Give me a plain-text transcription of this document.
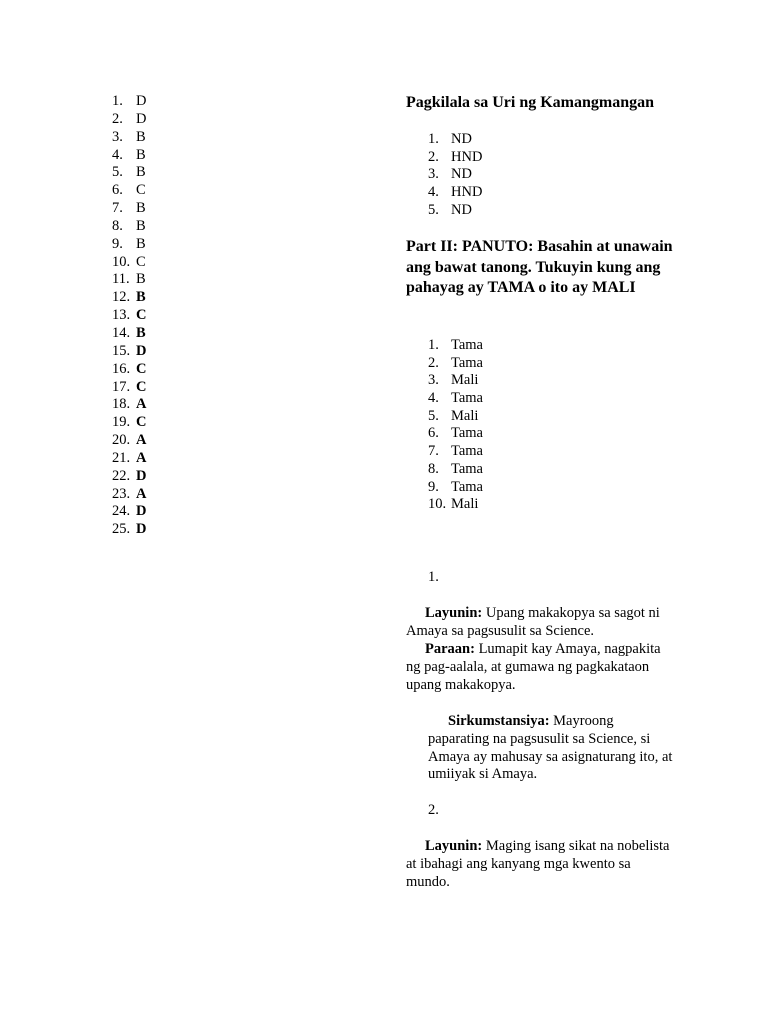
1. D
2. D
3. B
4. B
5. B
6. C
7. B
8. B
9. B
10. C
11. B
12. B
13. C
14. B
15. D
16. C
17. C
18. A
19. C
20. A
21. A
22. D
23. A
24. D
25. D
Pagkilala sa Uri ng Kamangmangan
1. ND
2. HND
3. ND
4. HND
5. ND
Part II: PANUTO: Basahin at unawain ang bawat tanong. Tukuyin kung ang pahayag ay TAMA o ito ay MALI
1. Tama
2. Tama
3. Mali
4. Tama
5. Mali
6. Tama
7. Tama
8. Tama
9. Tama
10. Mali
1.
Layunin: Upang makakopya sa sagot ni Amaya sa pagsusulit sa Science.
Paraan: Lumapit kay Amaya, nagpakita ng pag-aalala, at gumawa ng pagkakataon upang makakopya.
Sirkumstansiya: Mayroong paparating na pagsusulit sa Science, si Amaya ay mahusay sa asignaturang ito, at umiiyak si Amaya.
2.
Layunin: Maging isang sikat na nobelista at ibahagi ang kanyang mga kwento sa mundo.
